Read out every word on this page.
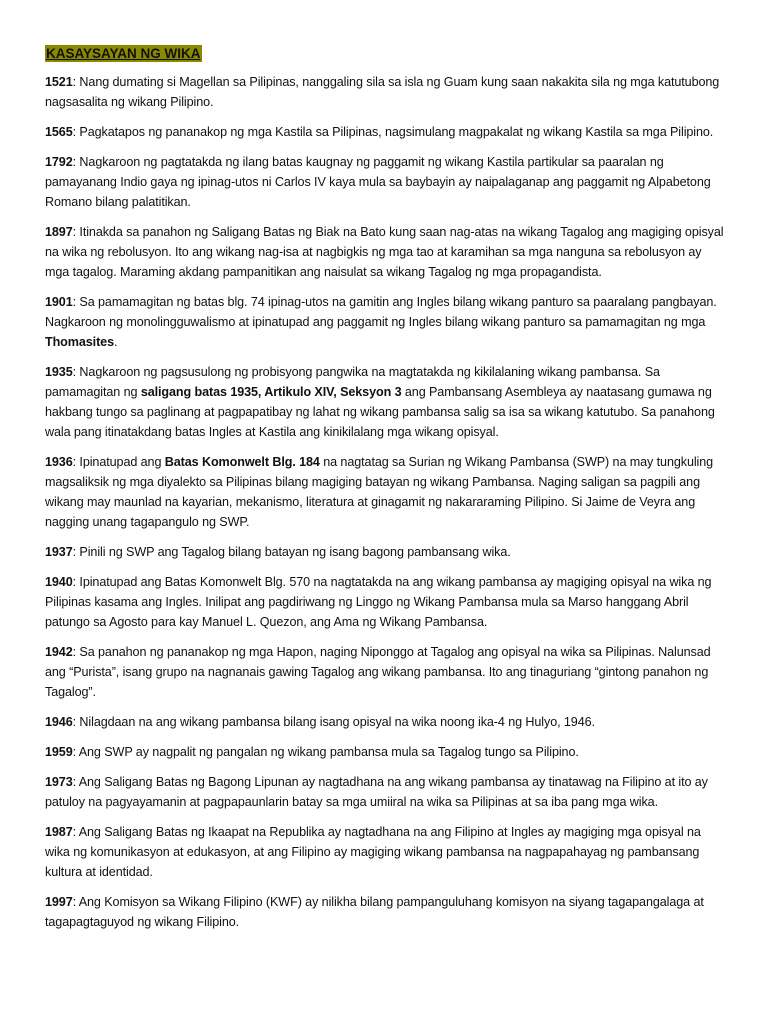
KASAYSAYAN NG WIKA

1521: Nang dumating si Magellan sa Pilipinas, nanggaling sila sa isla ng Guam kung saan nakakita sila ng mga katutubong nagsasalita ng wikang Pilipino.

1565: Pagkatapos ng pananakop ng mga Kastila sa Pilipinas, nagsimulang magpakalat ng wikang Kastila sa mga Pilipino.

1792: Nagkaroon ng pagtatakda ng ilang batas kaugnay ng paggamit ng wikang Kastila partikular sa paaralan ng pamayanang Indio gaya ng ipinag-utos ni Carlos IV kaya mula sa baybayin ay naipalaganap ang paggamit ng Alpabetong Romano bilang palatitikan.

1897: Itinakda sa panahon ng Saligang Batas ng Biak na Bato kung saan nag-atas na wikang Tagalog ang magiging opisyal na wika ng rebolusyon. Ito ang wikang nag-isa at nagbigkis ng mga tao at karamihan sa mga nanguna sa rebolusyon ay mga tagalog. Maraming akdang pampanitikan ang naisulat sa wikang Tagalog ng mga propagandista.

1901: Sa pamamagitan ng batas blg. 74 ipinag-utos na gamitin ang Ingles bilang wikang panturo sa paaralang pangbayan. Nagkaroon ng monolingguwalismo at ipinatupad ang paggamit ng Ingles bilang wikang panturo sa pamamagitan ng mga Thomasites.

1935: Nagkaroon ng pagsusulong ng probisyong pangwika na magtatakda ng kikilalaning wikang pambansa. Sa pamamagitan ng saligang batas 1935, Artikulo XIV, Seksyon 3 ang Pambansang Asembleya ay naatasang gumawa ng hakbang tungo sa paglinang at pagpapatibay ng lahat ng wikang pambansa salig sa isa sa wikang katutubo. Sa panahong wala pang itinatakdang batas Ingles at Kastila ang kinikilalang mga wikang opisyal.

1936: Ipinatupad ang Batas Komonwelt Blg. 184 na nagtatag sa Surian ng Wikang Pambansa (SWP) na may tungkuling magsaliksik ng mga diyalekto sa Pilipinas bilang magiging batayan ng wikang Pambansa. Naging saligan sa pagpili ang wikang may maunlad na kayarian, mekanismo, literatura at ginagamit ng nakararaming Pilipino. Si Jaime de Veyra ang nagging unang tagapangulo ng SWP.

1937: Pinili ng SWP ang Tagalog bilang batayan ng isang bagong pambansang wika.

1940: Ipinatupad ang Batas Komonwelt Blg. 570 na nagtatakda na ang wikang pambansa ay magiging opisyal na wika ng Pilipinas kasama ang Ingles. Inilipat ang pagdiriwang ng Linggo ng Wikang Pambansa mula sa Marso hanggang Abril patungo sa Agosto para kay Manuel L. Quezon, ang Ama ng Wikang Pambansa.

1942: Sa panahon ng pananakop ng mga Hapon, naging Niponggo at Tagalog ang opisyal na wika sa Pilipinas. Nalunsad ang “Purista”, isang grupo na nagnanais gawing Tagalog ang wikang pambansa. Ito ang tinaguriang “gintong panahon ng Tagalog”.

1946: Nilagdaan na ang wikang pambansa bilang isang opisyal na wika noong ika-4 ng Hulyo, 1946.

1959: Ang SWP ay nagpalit ng pangalan ng wikang pambansa mula sa Tagalog tungo sa Pilipino.

1973: Ang Saligang Batas ng Bagong Lipunan ay nagtadhana na ang wikang pambansa ay tinatawag na Filipino at ito ay patuloy na pagyayamanin at pagpapaunlarin batay sa mga umiiral na wika sa Pilipinas at sa iba pang mga wika.

1987: Ang Saligang Batas ng Ikaapat na Republika ay nagtadhana na ang Filipino at Ingles ay magiging mga opisyal na wika ng komunikasyon at edukasyon, at ang Filipino ay magiging wikang pambansa na nagpapahayag ng pambansang kultura at identidad.

1997: Ang Komisyon sa Wikang Filipino (KWF) ay nilikha bilang pampanguluhang komisyon na siyang tagapangalaga at tagapagtaguyod ng wikang Filipino.
